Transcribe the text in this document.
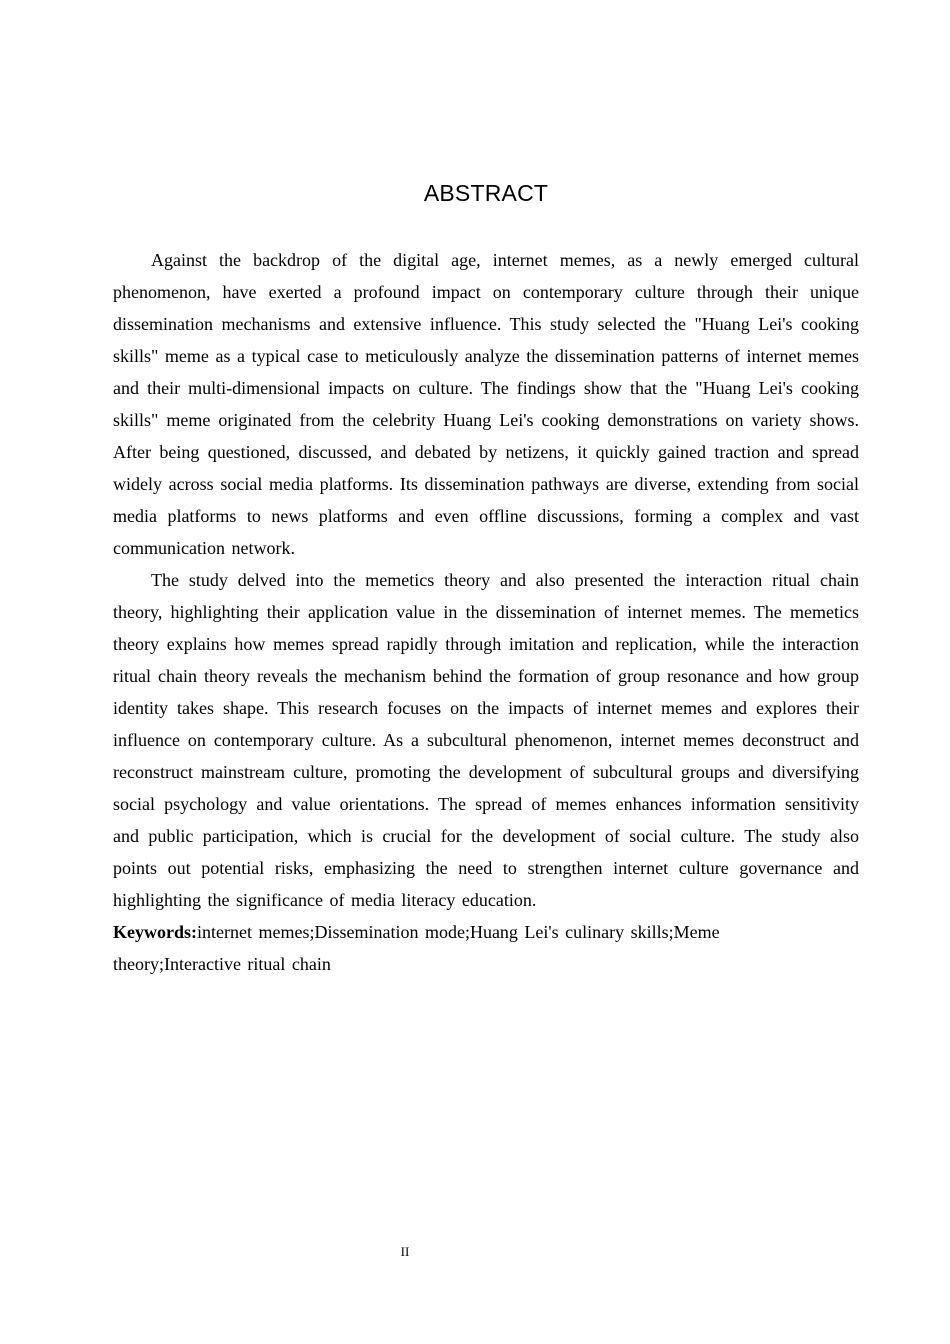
ABSTRACT

Against the backdrop of the digital age, internet memes, as a newly emerged cultural phenomenon, have exerted a profound impact on contemporary culture through their unique dissemination mechanisms and extensive influence. This study selected the "Huang Lei's cooking skills" meme as a typical case to meticulously analyze the dissemination patterns of internet memes and their multi-dimensional impacts on culture. The findings show that the "Huang Lei's cooking skills" meme originated from the celebrity Huang Lei's cooking demonstrations on variety shows. After being questioned, discussed, and debated by netizens, it quickly gained traction and spread widely across social media platforms. Its dissemination pathways are diverse, extending from social media platforms to news platforms and even offline discussions, forming a complex and vast communication network.

The study delved into the memetics theory and also presented the interaction ritual chain theory, highlighting their application value in the dissemination of internet memes. The memetics theory explains how memes spread rapidly through imitation and replication, while the interaction ritual chain theory reveals the mechanism behind the formation of group resonance and how group identity takes shape. This research focuses on the impacts of internet memes and explores their influence on contemporary culture. As a subcultural phenomenon, internet memes deconstruct and reconstruct mainstream culture, promoting the development of subcultural groups and diversifying social psychology and value orientations. The spread of memes enhances information sensitivity and public participation, which is crucial for the development of social culture. The study also points out potential risks, emphasizing the need to strengthen internet culture governance and highlighting the significance of media literacy education.

Keywords:internet memes;Dissemination mode;Huang Lei's culinary skills;Meme theory;Interactive ritual chain

II
